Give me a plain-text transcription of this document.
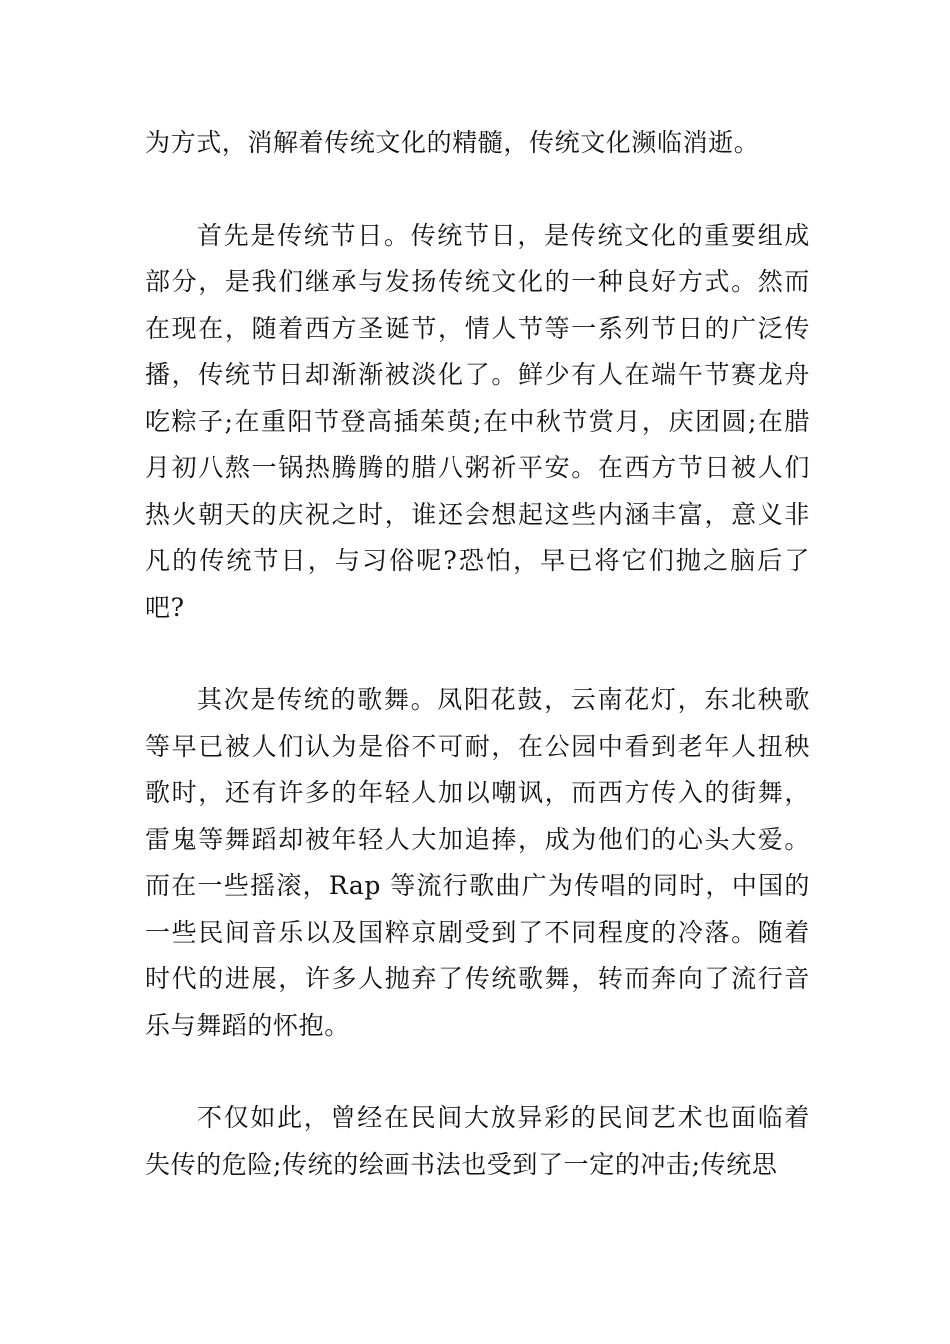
为方式，消解着传统文化的精髓，传统文化濒临消逝。

首先是传统节日。传统节日，是传统文化的重要组成部分，是我们继承与发扬传统文化的一种良好方式。然而在现在，随着西方圣诞节，情人节等一系列节日的广泛传播，传统节日却渐渐被淡化了。鲜少有人在端午节赛龙舟吃粽子;在重阳节登高插茱萸;在中秋节赏月，庆团圆;在腊月初八熬一锅热腾腾的腊八粥祈平安。在西方节日被人们热火朝天的庆祝之时，谁还会想起这些内涵丰富，意义非凡的传统节日，与习俗呢?恐怕，早已将它们抛之脑后了吧?

其次是传统的歌舞。凤阳花鼓，云南花灯，东北秧歌等早已被人们认为是俗不可耐，在公园中看到老年人扭秧歌时，还有许多的年轻人加以嘲讽，而西方传入的街舞，雷鬼等舞蹈却被年轻人大加追捧，成为他们的心头大爱。而在一些摇滚，Rap 等流行歌曲广为传唱的同时，中国的一些民间音乐以及国粹京剧受到了不同程度的冷落。随着时代的进展，许多人抛弃了传统歌舞，转而奔向了流行音乐与舞蹈的怀抱。

不仅如此，曾经在民间大放异彩的民间艺术也面临着失传的危险;传统的绘画书法也受到了一定的冲击;传统思
